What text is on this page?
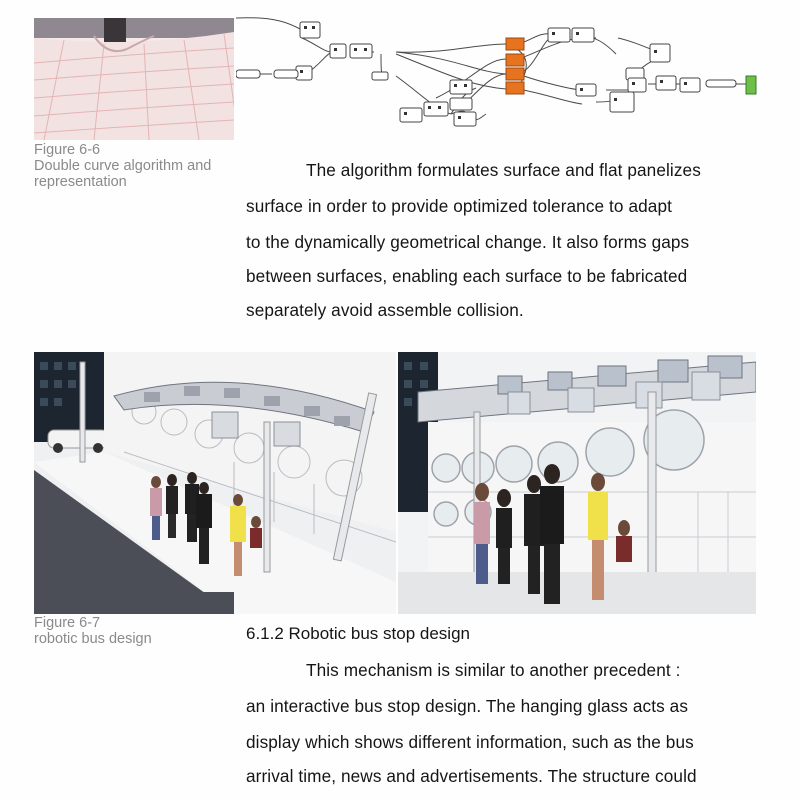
Figure 6-6
Double curve algorithm and
representation
The algorithm formulates surface and flat panelizes
surface in order to provide optimized tolerance to adapt
to the dynamically geometrical change. It also forms gaps
between surfaces, enabling each surface to be fabricated
separately avoid assemble collision.
Figure 6-7
robotic bus design	6.1.2 Robotic bus stop design
This mechanism is similar to another precedent :
an interactive bus stop design. The hanging glass acts as
display which shows different information, such as the bus
arrival time, news and advertisements. The structure could
